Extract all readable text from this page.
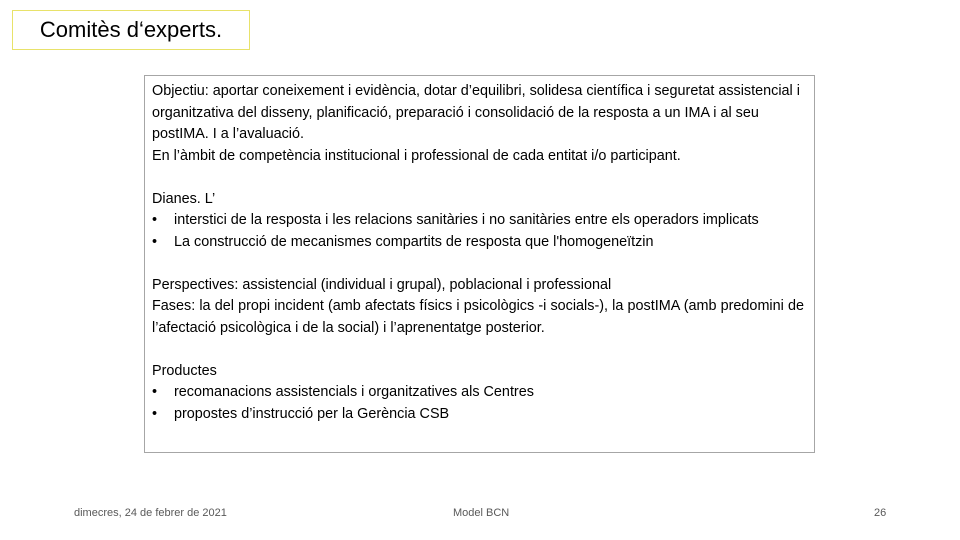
Comitès d‘experts.
Objectiu: aportar coneixement i evidència, dotar d’equilibri, solidesa científica i seguretat assistencial i organitzativa del disseny, planificació, preparació i consolidació de la resposta a un IMA i al seu postIMA. I a l’avaluació.
En l’àmbit de competència institucional i professional de cada entitat i/o participant.
Dianes. L’
•	interstici de la resposta i les relacions sanitàries i no sanitàries entre els operadors implicats
•	La construcció de mecanismes compartits de resposta que l'homogeneïtzin
Perspectives: assistencial (individual i grupal), poblacional i professional
Fases: la del propi incident (amb afectats físics i psicològics -i socials-), la postIMA (amb predomini de l’afectació psicològica i de la social) i l’aprenentatge posterior.
Productes
•	recomanacions assistencials i organitzatives als Centres
•	propostes d’instrucció per la Gerència CSB
dimecres, 24 de febrer de 2021	Model BCN	26
